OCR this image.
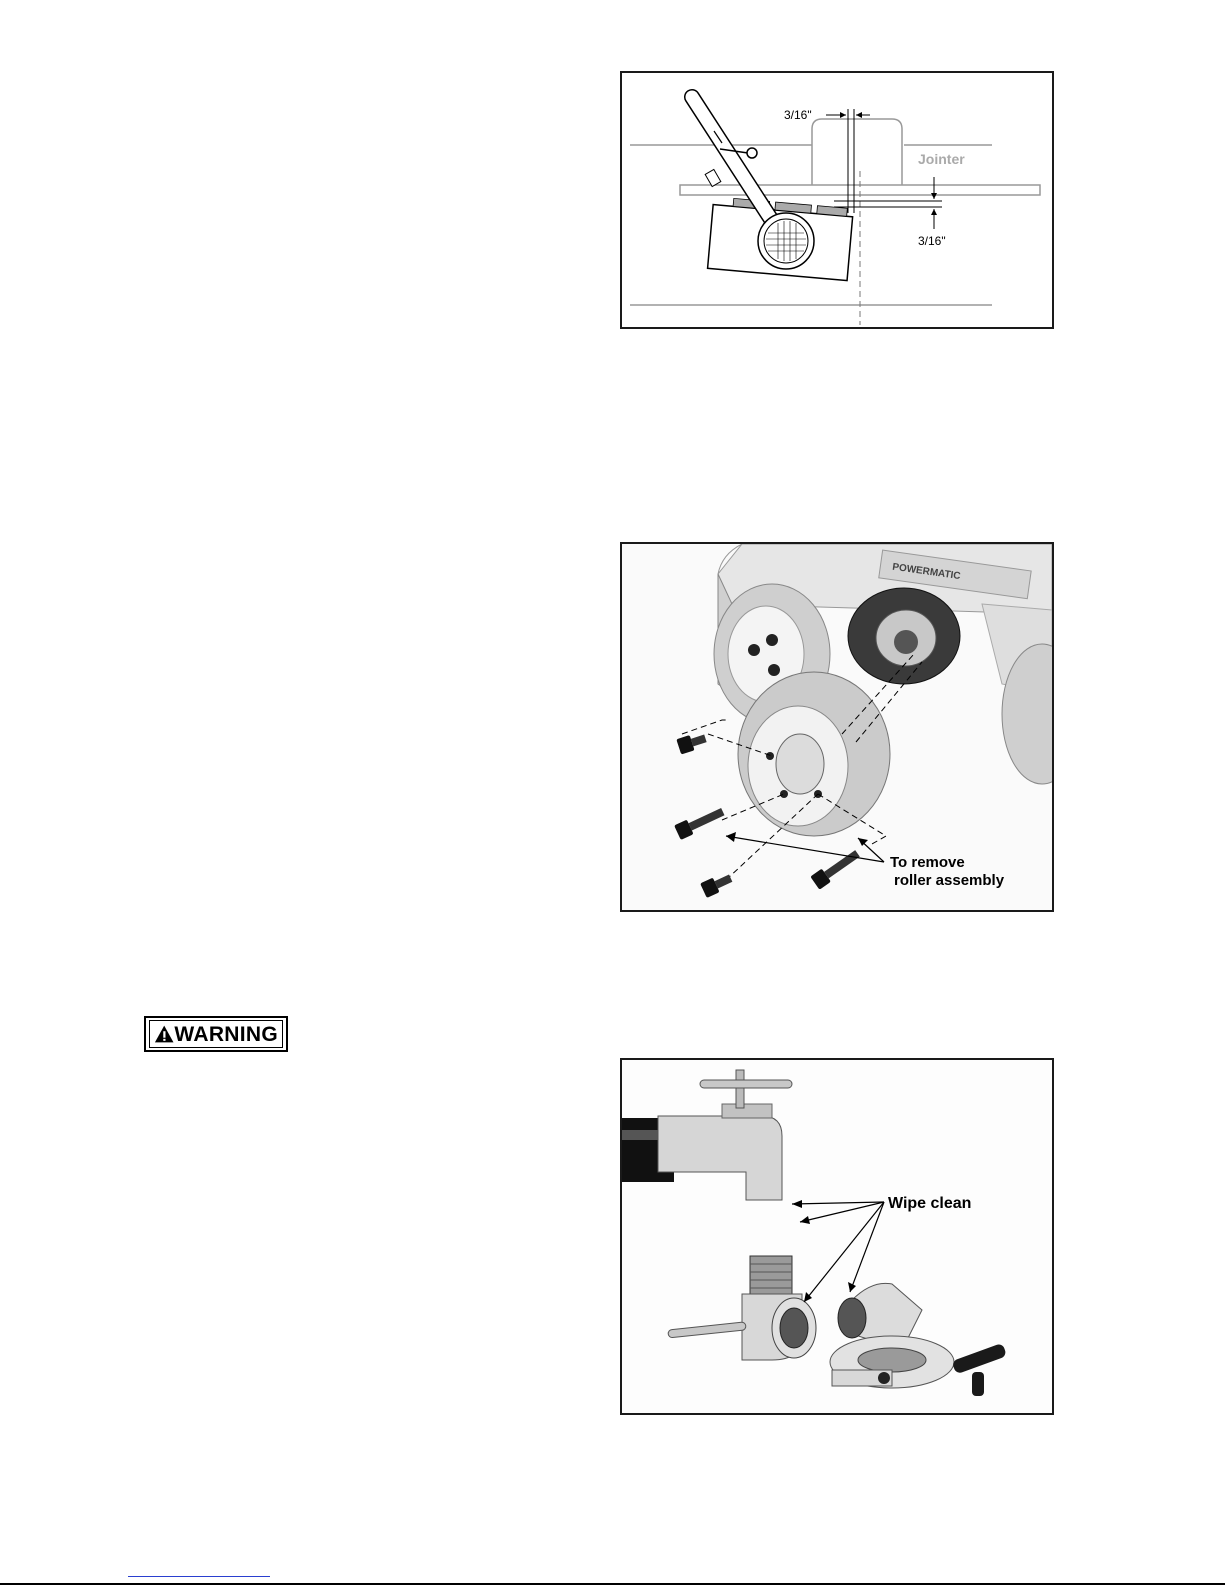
Jointer
3/16"
3/16"
POWERMATIC
To remove
roller assembly
WARNING
Wipe clean
